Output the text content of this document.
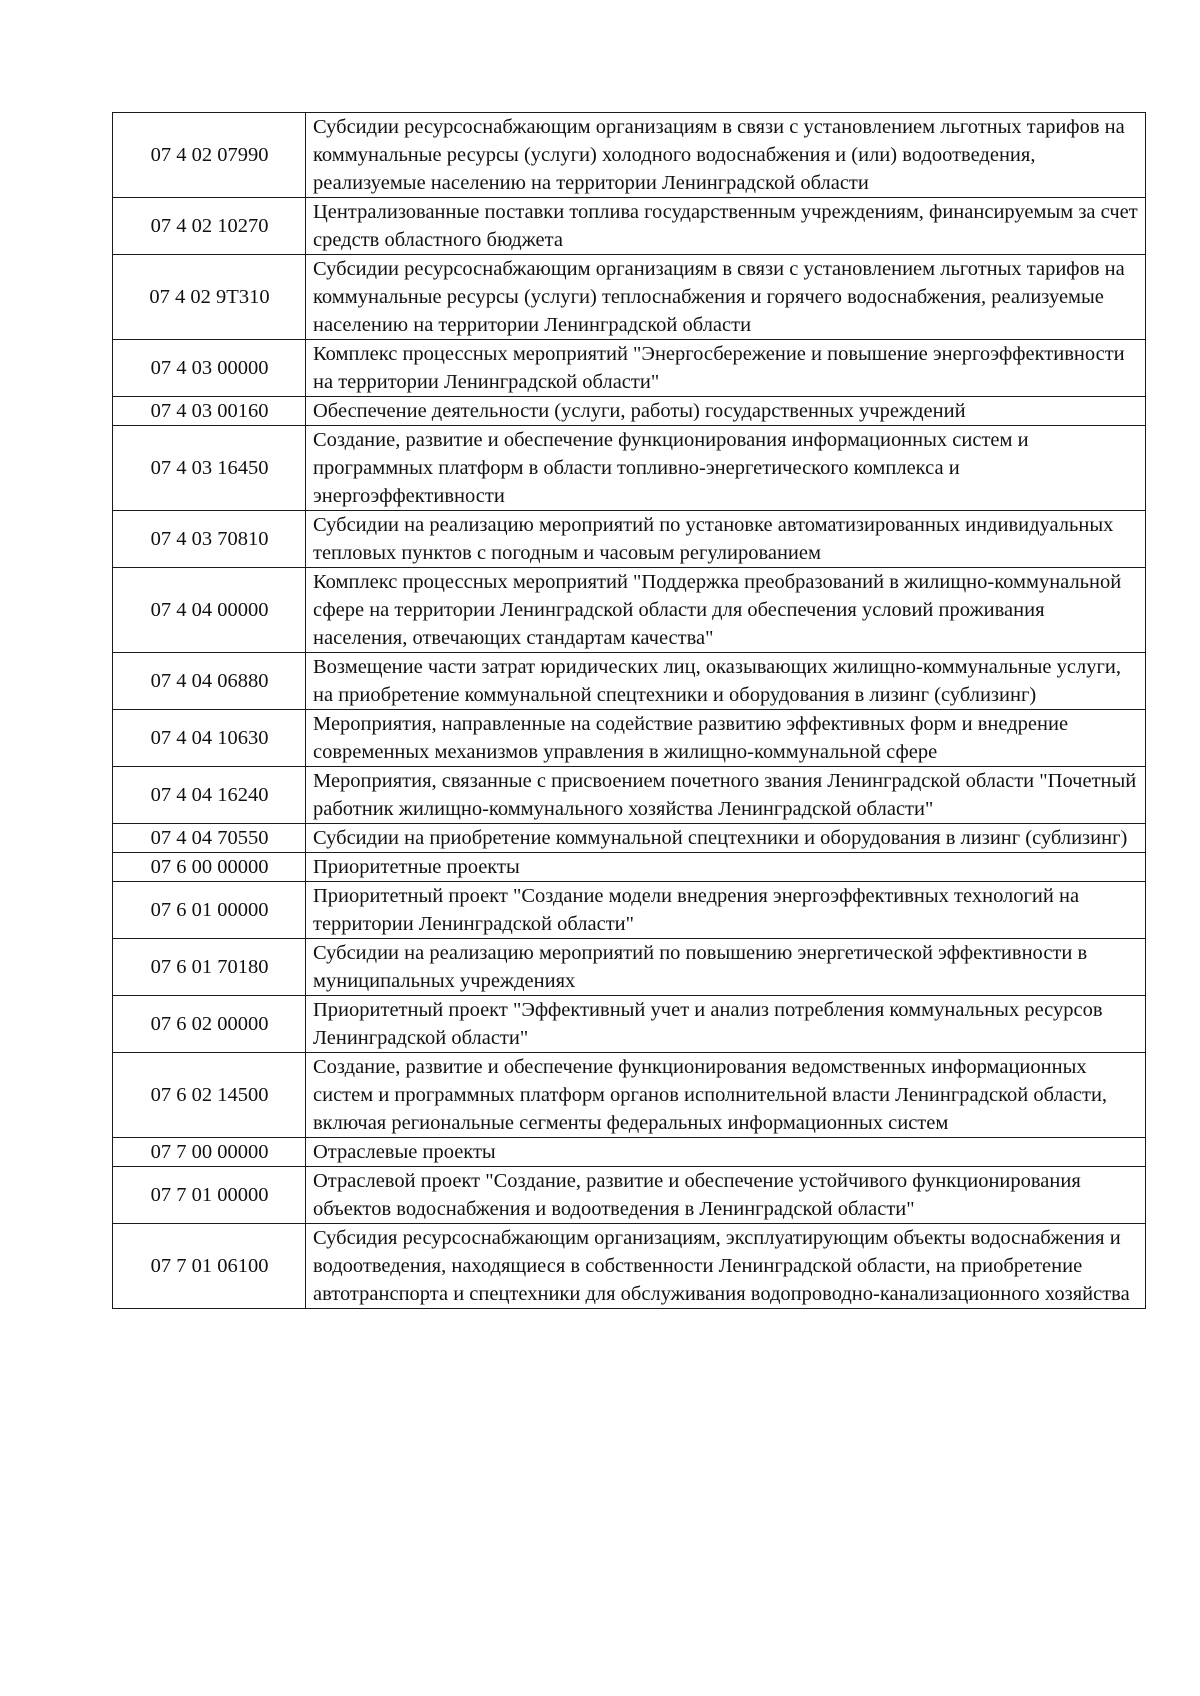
07 4 02 07990	Субсидии ресурсоснабжающим организациям в связи с установлением льготных тарифов на коммунальные ресурсы (услуги) холодного водоснабжения и (или) водоотведения, реализуемые населению на территории Ленинградской области
07 4 02 10270	Централизованные поставки топлива государственным учреждениям, финансируемым за счет средств областного бюджета
07 4 02 9Т310	Субсидии ресурсоснабжающим организациям в связи с установлением льготных тарифов на коммунальные ресурсы (услуги) теплоснабжения и горячего водоснабжения, реализуемые населению на территории Ленинградской области
07 4 03 00000	Комплекс процессных мероприятий "Энергосбережение и повышение энергоэффективности на территории Ленинградской области"
07 4 03 00160	Обеспечение деятельности (услуги, работы) государственных учреждений
07 4 03 16450	Создание, развитие и обеспечение функционирования информационных систем и программных платформ в области топливно-энергетического комплекса и энергоэффективности
07 4 03 70810	Субсидии на реализацию мероприятий по установке автоматизированных индивидуальных тепловых пунктов с погодным и часовым регулированием
07 4 04 00000	Комплекс процессных мероприятий "Поддержка преобразований в жилищно-коммунальной сфере на территории Ленинградской области для обеспечения условий проживания населения, отвечающих стандартам качества"
07 4 04 06880	Возмещение части затрат юридических лиц, оказывающих жилищно-коммунальные услуги, на приобретение коммунальной спецтехники и оборудования в лизинг (сублизинг)
07 4 04 10630	Мероприятия, направленные на содействие развитию эффективных форм и внедрение современных механизмов управления в жилищно-коммунальной сфере
07 4 04 16240	Мероприятия, связанные с присвоением почетного звания Ленинградской области "Почетный работник жилищно-коммунального хозяйства Ленинградской области"
07 4 04 70550	Субсидии на приобретение коммунальной спецтехники и оборудования в лизинг (сублизинг)
07 6 00 00000	Приоритетные проекты
07 6 01 00000	Приоритетный проект "Создание модели внедрения энергоэффективных технологий на территории Ленинградской области"
07 6 01 70180	Субсидии на реализацию мероприятий по повышению энергетической эффективности в муниципальных учреждениях
07 6 02 00000	Приоритетный проект "Эффективный учет и анализ потребления коммунальных ресурсов Ленинградской области"
07 6 02 14500	Создание, развитие и обеспечение функционирования ведомственных информационных систем и программных платформ органов исполнительной власти Ленинградской области, включая региональные сегменты федеральных информационных систем
07 7 00 00000	Отраслевые проекты
07 7 01 00000	Отраслевой проект "Создание, развитие и обеспечение устойчивого функционирования объектов водоснабжения и водоотведения в Ленинградской области"
07 7 01 06100	Субсидия ресурсоснабжающим организациям, эксплуатирующим объекты водоснабжения и водоотведения, находящиеся в собственности Ленинградской области, на приобретение автотранспорта и спецтехники для обслуживания водопроводно-канализационного хозяйства
